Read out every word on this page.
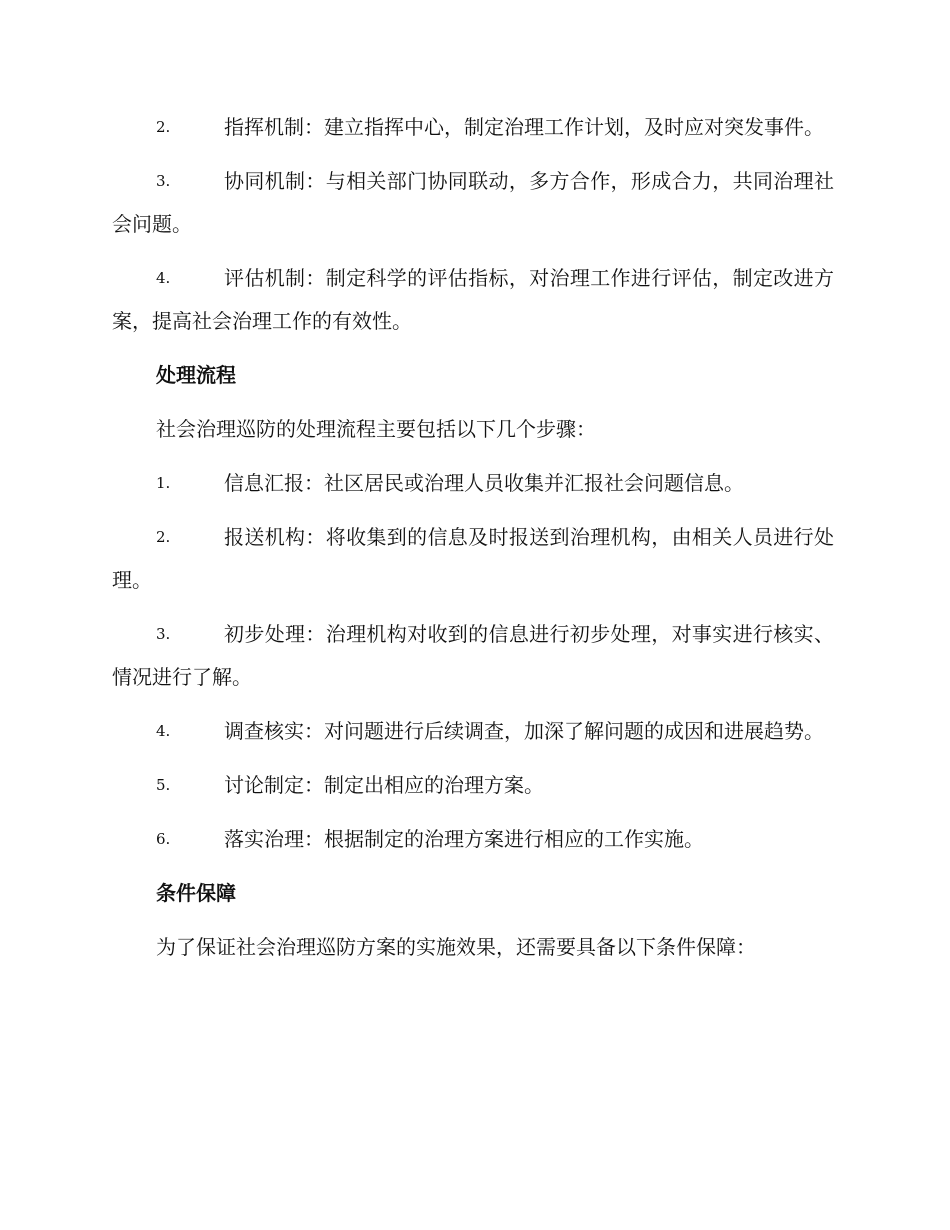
2.	指挥机制：建立指挥中心，制定治理工作计划，及时应对突发事件。
3.	协同机制：与相关部门协同联动，多方合作，形成合力，共同治理社会问题。
4.	评估机制：制定科学的评估指标，对治理工作进行评估，制定改进方案，提高社会治理工作的有效性。
处理流程
社会治理巡防的处理流程主要包括以下几个步骤：
1.	信息汇报：社区居民或治理人员收集并汇报社会问题信息。
2.	报送机构：将收集到的信息及时报送到治理机构，由相关人员进行处理。
3.	初步处理：治理机构对收到的信息进行初步处理，对事实进行核实、情况进行了解。
4.	调查核实：对问题进行后续调查，加深了解问题的成因和进展趋势。
5.	讨论制定：制定出相应的治理方案。
6.	落实治理：根据制定的治理方案进行相应的工作实施。
条件保障
为了保证社会治理巡防方案的实施效果，还需要具备以下条件保障：
